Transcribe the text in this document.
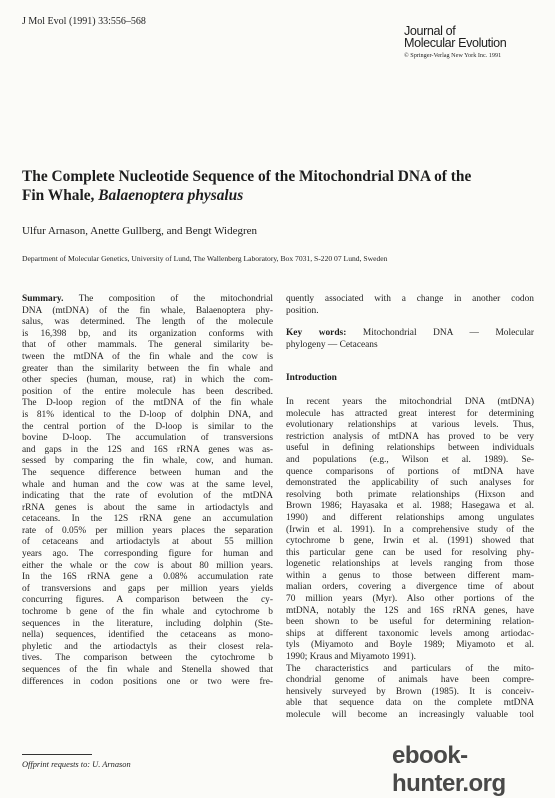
J Mol Evol (1991) 33:556–568
Journal of
Molecular Evolution
© Springer-Verlag New York Inc. 1991
The Complete Nucleotide Sequence of the Mitochondrial DNA of the
Fin Whale, Balaenoptera physalus
Ulfur Arnason, Anette Gullberg, and Bengt Widegren
Department of Molecular Genetics, University of Lund, The Wallenberg Laboratory, Box 7031, S-220 07 Lund, Sweden
Summary. The composition of the mitochondrial
DNA (mtDNA) of the fin whale, Balaenoptera phy-
salus, was determined. The length of the molecule
is 16,398 bp, and its organization conforms with
that of other mammals. The general similarity be-
tween the mtDNA of the fin whale and the cow is
greater than the similarity between the fin whale and
other species (human, mouse, rat) in which the com-
position of the entire molecule has been described.
The D-loop region of the mtDNA of the fin whale
is 81% identical to the D-loop of dolphin DNA, and
the central portion of the D-loop is similar to the
bovine D-loop. The accumulation of transversions
and gaps in the 12S and 16S rRNA genes was as-
sessed by comparing the fin whale, cow, and human.
The sequence difference between human and the
whale and human and the cow was at the same level,
indicating that the rate of evolution of the mtDNA
rRNA genes is about the same in artiodactyls and
cetaceans. In the 12S rRNA gene an accumulation
rate of 0.05% per million years places the separation
of cetaceans and artiodactyls at about 55 million
years ago. The corresponding figure for human and
either the whale or the cow is about 80 million years.
In the 16S rRNA gene a 0.08% accumulation rate
of transversions and gaps per million years yields
concurring figures. A comparison between the cy-
tochrome b gene of the fin whale and cytochrome b
sequences in the literature, including dolphin (Ste-
nella) sequences, identified the cetaceans as mono-
phyletic and the artiodactyls as their closest rela-
tives. The comparison between the cytochrome b
sequences of the fin whale and Stenella showed that
differences in codon positions one or two were fre-
quently associated with a change in another codon
position.
Key words: Mitochondrial DNA — Molecular
phylogeny — Cetaceans
Introduction
In recent years the mitochondrial DNA (mtDNA)
molecule has attracted great interest for determining
evolutionary relationships at various levels. Thus,
restriction analysis of mtDNA has proved to be very
useful in defining relationships between individuals
and populations (e.g., Wilson et al. 1989). Se-
quence comparisons of portions of mtDNA have
demonstrated the applicability of such analyses for
resolving both primate relationships (Hixson and
Brown 1986; Hayasaka et al. 1988; Hasegawa et al.
1990) and different relationships among ungulates
(Irwin et al. 1991). In a comprehensive study of the
cytochrome b gene, Irwin et al. (1991) showed that
this particular gene can be used for resolving phy-
logenetic relationships at levels ranging from those
within a genus to those between different mam-
malian orders, covering a divergence time of about
70 million years (Myr). Also other portions of the
mtDNA, notably the 12S and 16S rRNA genes, have
been shown to be useful for determining relation-
ships at different taxonomic levels among artiodac-
tyls (Miyamoto and Boyle 1989; Miyamoto et al.
1990; Kraus and Miyamoto 1991).
The characteristics and particulars of the mito-
chondrial genome of animals have been compre-
hensively surveyed by Brown (1985). It is conceiv-
able that sequence data on the complete mtDNA
molecule will become an increasingly valuable tool
Offprint requests to: U. Arnason	ebook-hunter.org
